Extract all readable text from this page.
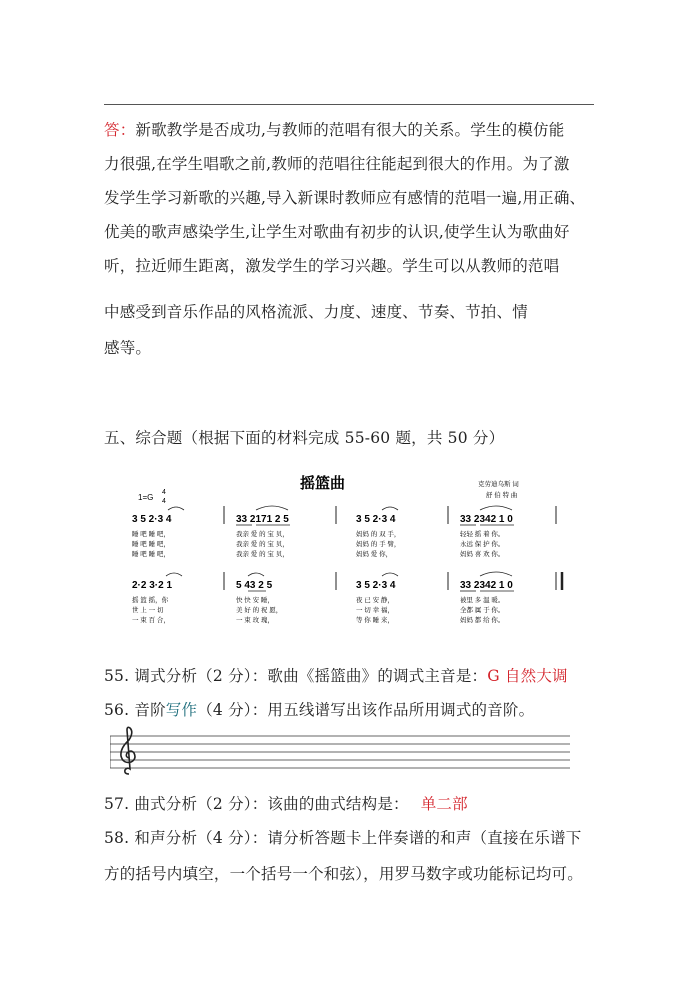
答：新歌教学是否成功,与教师的范唱有很大的关系。学生的模仿能
力很强,在学生唱歌之前,教师的范唱往往能起到很大的作用。为了激
发学生学习新歌的兴趣,导入新课时教师应有感情的范唱一遍,用正确、
优美的歌声感染学生,让学生对歌曲有初步的认识,使学生认为歌曲好
听，拉近师生距离，激发学生的学习兴趣。学生可以从教师的范唱
中感受到音乐作品的风格流派、力度、速度、节奏、节拍、情
感等。
五、综合题（根据下面的材料完成 55-60 题，共 50 分）
摇篮曲
1=G
4
4
克劳迪乌斯 词
舒 伯 特 曲
3 5 2·3 4	33 2171 2 5	3 5 2·3 4	33 2342 1 0
睡 吧 睡 吧，
睡 吧 睡 吧，
睡 吧 睡 吧，
我亲 爱 的 宝 贝，
我亲 爱 的 宝 贝，
我亲 爱 的 宝 贝，
妈妈 的 双 手，
妈妈 的 手 臂，
妈妈 爱 你，
轻轻 摇 着 你。
永远 保 护 你。
妈妈 喜 欢 你。
2·2 3·2 1	5 43 2 5	3 5 2·3 4	33 2342 1 0
摇 篮 摇，你
世 上 一 切
一 束 百 合，
快 快 安 睡，
美 好 的 祝 愿，
一 束 玫 瑰，
夜 已 安 静，
一 切 幸 福，
等 你 睡 来，
被里 多 温 暖。
全都 属 于 你。
妈妈 都 给 你。
55. 调式分析（2 分）：歌曲《摇篮曲》的调式主音是：G 自然大调
56. 音阶写作（4 分）：用五线谱写出该作品所用调式的音阶。
57. 曲式分析（2 分）：该曲的曲式结构是： 单二部
58. 和声分析（4 分）：请分析答题卡上伴奏谱的和声（直接在乐谱下
方的括号内填空，一个括号一个和弦），用罗马数字或功能标记均可。
